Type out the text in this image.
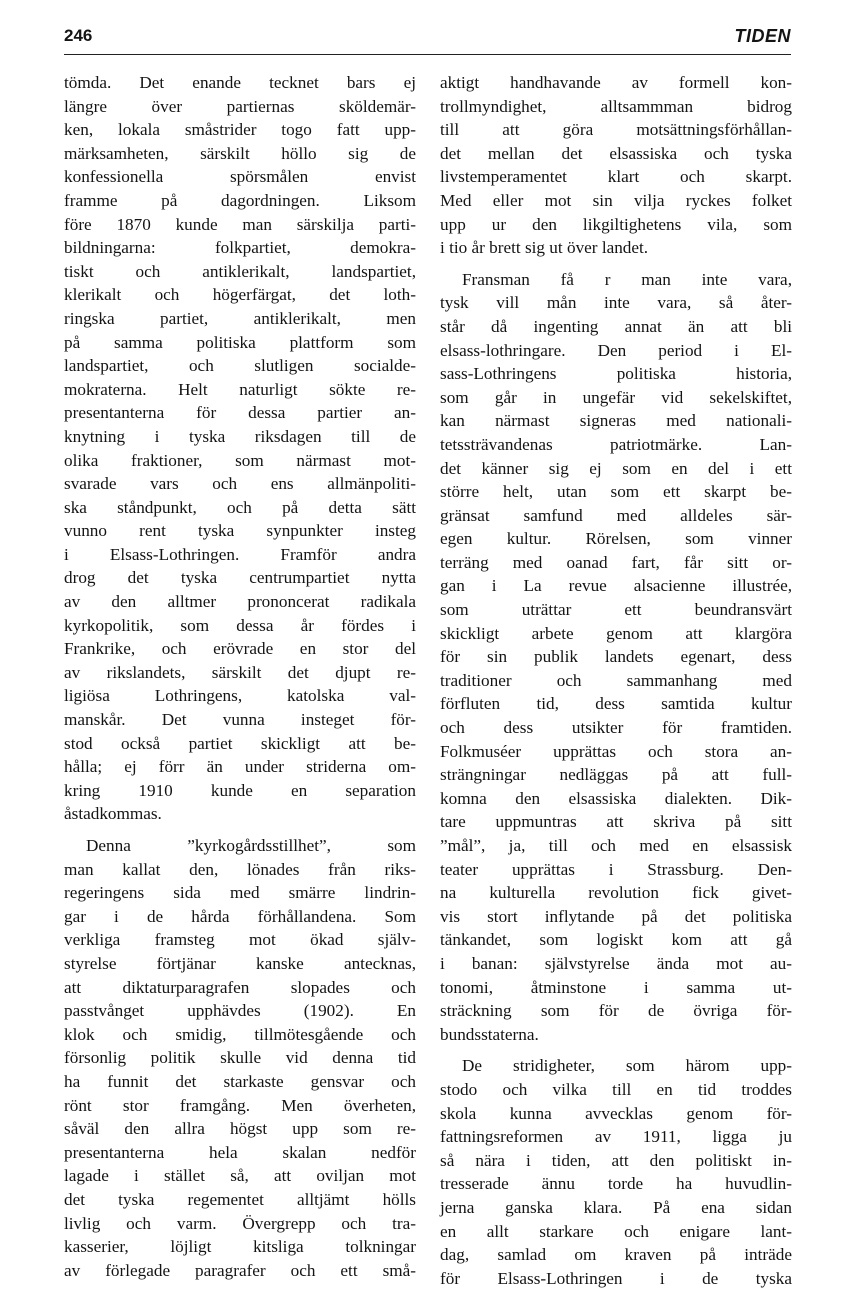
246	TIDEN
tömda. Det enande tecknet bars ej
längre över partiernas sköldemär-
ken, lokala småstrider togo fatt upp-
märksamheten, särskilt höllo sig de
konfessionella spörsmålen envist
framme på dagordningen. Liksom
före 1870 kunde man särskilja parti-
bildningarna: folkpartiet, demokra-
tiskt och antiklerikalt, landspartiet,
klerikalt och högerfärgat, det loth-
ringska partiet, antiklerikalt, men
på samma politiska plattform som
landspartiet, och slutligen socialde-
mokraterna. Helt naturligt sökte re-
presentanterna för dessa partier an-
knytning i tyska riksdagen till de
olika fraktioner, som närmast mot-
svarade vars och ens allmänpoliti-
ska ståndpunkt, och på detta sätt
vunno rent tyska synpunkter insteg
i Elsass-Lothringen. Framför andra
drog det tyska centrumpartiet nytta
av den alltmer prononcerat radikala
kyrkopolitik, som dessa år fördes i
Frankrike, och erövrade en stor del
av rikslandets, särskilt det djupt re-
ligiösa Lothringens, katolska val-
manskår. Det vunna insteget för-
stod också partiet skickligt att be-
hålla; ej förr än under striderna om-
kring 1910 kunde en separation
åstadkommas.
Denna ”kyrkogårdsstillhet”, som
man kallat den, lönades från riks-
regeringens sida med smärre lindrin-
gar i de hårda förhållandena. Som
verkliga framsteg mot ökad själv-
styrelse förtjänar kanske antecknas,
att diktaturparagrafen slopades och
passtvånget upphävdes (1902). En
klok och smidig, tillmötesgående och
försonlig politik skulle vid denna tid
ha funnit det starkaste gensvar och
rönt stor framgång. Men överheten,
såväl den allra högst upp som re-
presentanterna hela skalan nedför
lagade i stället så, att oviljan mot
det tyska regementet alltjämt hölls
livlig och varm. Övergrepp och tra-
kasserier, löjligt kitsliga tolkningar
av förlegade paragrafer och ett små-
aktigt handhavande av formell kon-
trollmyndighet, alltsammman bidrog
till att göra motsättningsförhållan-
det mellan det elsassiska och tyska
livstemperamentet klart och skarpt.
Med eller mot sin vilja ryckes folket
upp ur den likgiltighetens vila, som
i tio år brett sig ut över landet.
Fransman få r man inte vara,
tysk vill mån inte vara, så åter-
står då ingenting annat än att bli
elsass-lothringare. Den period i El-
sass-Lothringens politiska historia,
som går in ungefär vid sekelskiftet,
kan närmast signeras med nationali-
tetssträvandenas patriotmärke. Lan-
det känner sig ej som en del i ett
större helt, utan som ett skarpt be-
gränsat samfund med alldeles sär-
egen kultur. Rörelsen, som vinner
terräng med oanad fart, får sitt or-
gan i La revue alsacienne illustrée,
som uträttar ett beundransvärt
skickligt arbete genom att klargöra
för sin publik landets egenart, dess
traditioner och sammanhang med
förfluten tid, dess samtida kultur
och dess utsikter för framtiden.
Folkmuséer upprättas och stora an-
strängningar nedläggas på att full-
komna den elsassiska dialekten. Dik-
tare uppmuntras att skriva på sitt
”mål”, ja, till och med en elsassisk
teater upprättas i Strassburg. Den-
na kulturella revolution fick givet-
vis stort inflytande på det politiska
tänkandet, som logiskt kom att gå
i banan: självstyrelse ända mot au-
tonomi, åtminstone i samma ut-
sträckning som för de övriga för-
bundsstaterna.
De stridigheter, som härom upp-
stodo och vilka till en tid troddes
skola kunna avvecklas genom för-
fattningsreformen av 1911, ligga ju
så nära i tiden, att den politiskt in-
tresserade ännu torde ha huvudlin-
jerna ganska klara. På ena sidan
en allt starkare och enigare lant-
dag, samlad om kraven på inträde
för Elsass-Lothringen i de tyska
